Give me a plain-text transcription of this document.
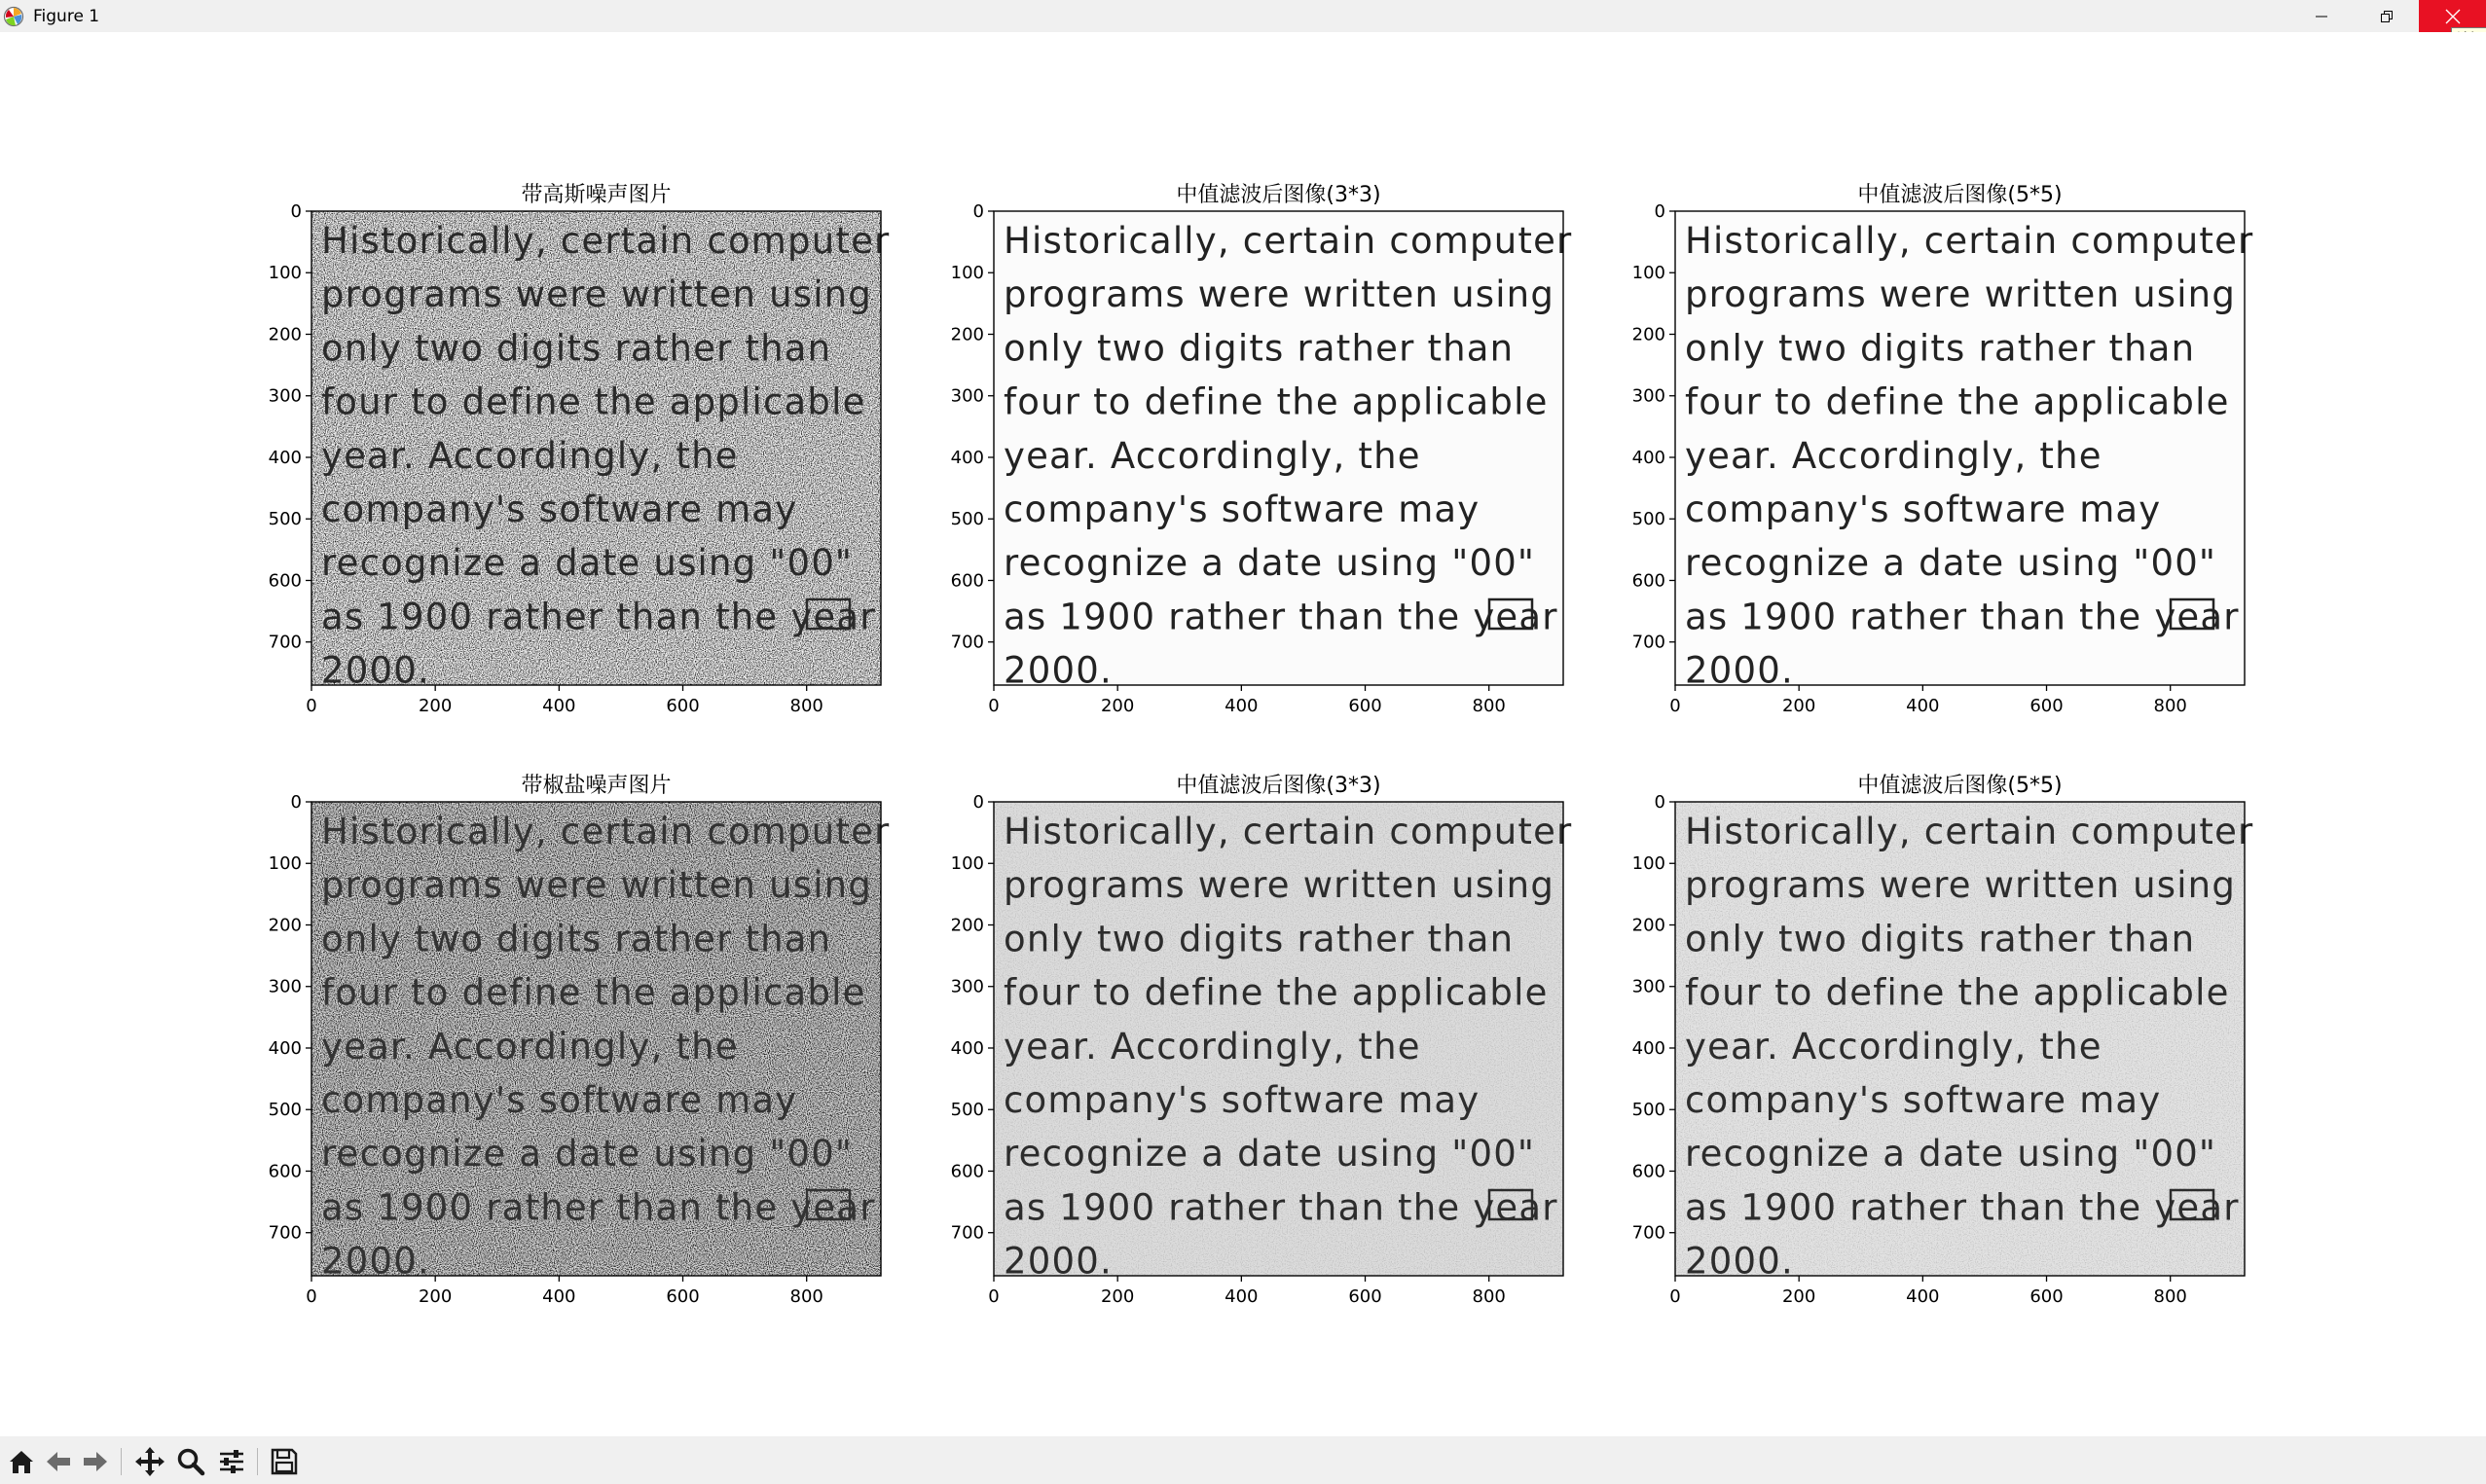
Figure 1
带高斯噪声图片
Historically, certain computer
programs were written using
only two digits rather than
four to define the applicable
year. Accordingly, the
company's software may
recognize a date using "00"
as 1900 rather than the year
2000.
0	200	400	600	800
0
100
200
300
400
500
600
700
中值滤波后图像(3*3)
Historically, certain computer
programs were written using
only two digits rather than
four to define the applicable
year. Accordingly, the
company's software may
recognize a date using "00"
as 1900 rather than the year
2000.
0	200	400	600	800
0
100
200
300
400
500
600
700
中值滤波后图像(5*5)
Historically, certain computer
programs were written using
only two digits rather than
four to define the applicable
year. Accordingly, the
company's software may
recognize a date using "00"
as 1900 rather than the year
2000.
0	200	400	600	800
0
100
200
300
400
500
600
700
带椒盐噪声图片
Historically, certain computer
programs were written using
only two digits rather than
four to define the applicable
year. Accordingly, the
company's software may
recognize a date using "00"
as 1900 rather than the year
2000.
0	200	400	600	800
0
100
200
300
400
500
600
700
中值滤波后图像(3*3)
Historically, certain computer
programs were written using
only two digits rather than
four to define the applicable
year. Accordingly, the
company's software may
recognize a date using "00"
as 1900 rather than the year
2000.
0	200	400	600	800
0
100
200
300
400
500
600
700
中值滤波后图像(5*5)
Historically, certain computer
programs were written using
only two digits rather than
four to define the applicable
year. Accordingly, the
company's software may
recognize a date using "00"
as 1900 rather than the year
2000.
0	200	400	600	800
0
100
200
300
400
500
600
700
